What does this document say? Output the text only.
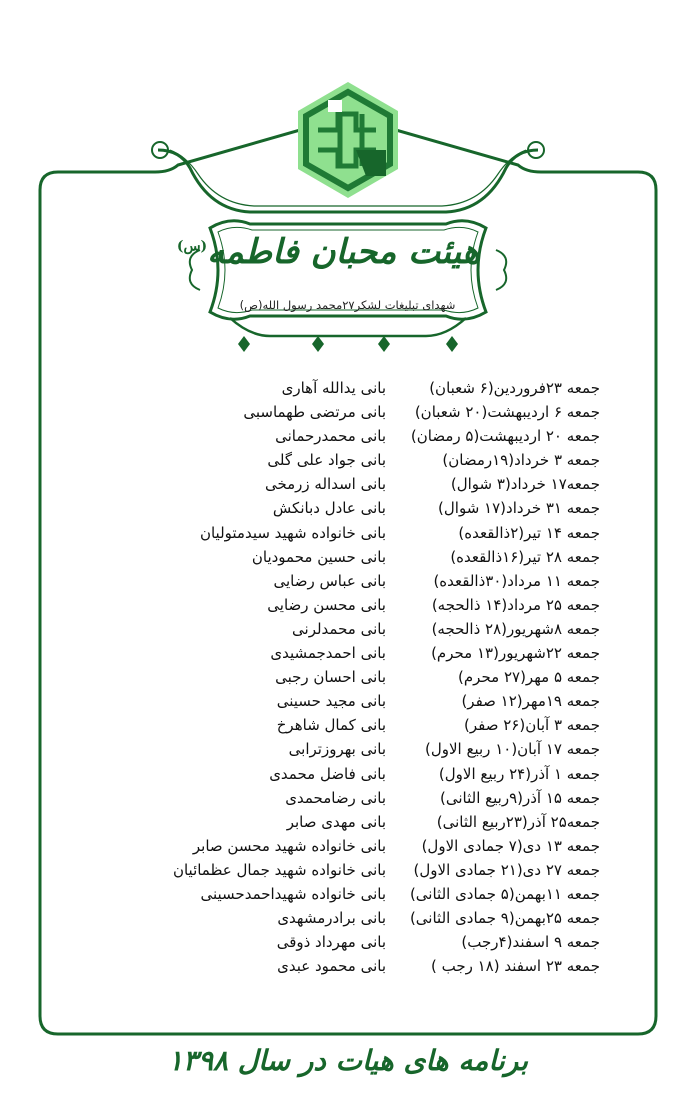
هیئت محبان فاطمه$^{(س)}$
شهدای تبلیغات لشکر۲۷محمد رسول الله(ص)
جمعه ۲۳فروردین(۶ شعبان)
بانی یدالله آهاری
جمعه ۶ اردیبهشت(۲۰ شعبان)
بانی مرتضی طهماسبی
جمعه ۲۰ اردیبهشت(۵ رمضان)
بانی محمدرحمانی
جمعه ۳ خرداد(۱۹رمضان)
بانی جواد علی گلی
جمعه۱۷ خرداد(۳ شوال)
بانی اسداله زرمخی
جمعه ۳۱ خرداد(۱۷ شوال)
بانی عادل دبانکش
جمعه ۱۴ تیر(۲ذالقعده)
بانی خانواده شهید سیدمتولیان
جمعه ۲۸ تیر(۱۶ذالقعده)
بانی حسین محمودیان
جمعه ۱۱ مرداد(۳۰ذالقعده)
بانی عباس رضایی
جمعه ۲۵ مرداد(۱۴ ذالحجه)
بانی محسن رضایی
جمعه ۸شهریور(۲۸ ذالحجه)
بانی محمدلرنی
جمعه ۲۲شهریور(۱۳ محرم)
بانی احمدجمشیدی
جمعه ۵ مهر(۲۷ محرم)
بانی احسان رجبی
جمعه ۱۹مهر(۱۲ صفر)
بانی مجید حسینی
جمعه ۳ آبان(۲۶ صفر)
بانی کمال شاهرخ
جمعه ۱۷ آبان(۱۰ ربیع الاول)
بانی بهروزترابی
جمعه ۱ آذر(۲۴ ربیع الاول)
بانی فاضل محمدی
جمعه ۱۵ آذر(۹ربیع الثانی)
بانی رضامحمدی
جمعه۲۵ آذر(۲۳ربیع الثانی)
بانی مهدی صابر
جمعه ۱۳ دی(۷ جمادی الاول)
بانی خانواده شهید محسن صابر
جمعه ۲۷ دی(۲۱ جمادی الاول)
بانی خانواده شهید جمال عظمائیان
جمعه ۱۱بهمن(۵ جمادی الثانی)
بانی خانواده شهیداحمدحسینی
جمعه ۲۵بهمن(۹ جمادی الثانی)
بانی برادرمشهدی
جمعه ۹ اسفند(۴رجب)
بانی مهرداد ذوقی
جمعه ۲۳ اسفند (۱۸ رجب )
بانی محمود عبدی
برنامه های هیات در سال ۱۳۹۸
